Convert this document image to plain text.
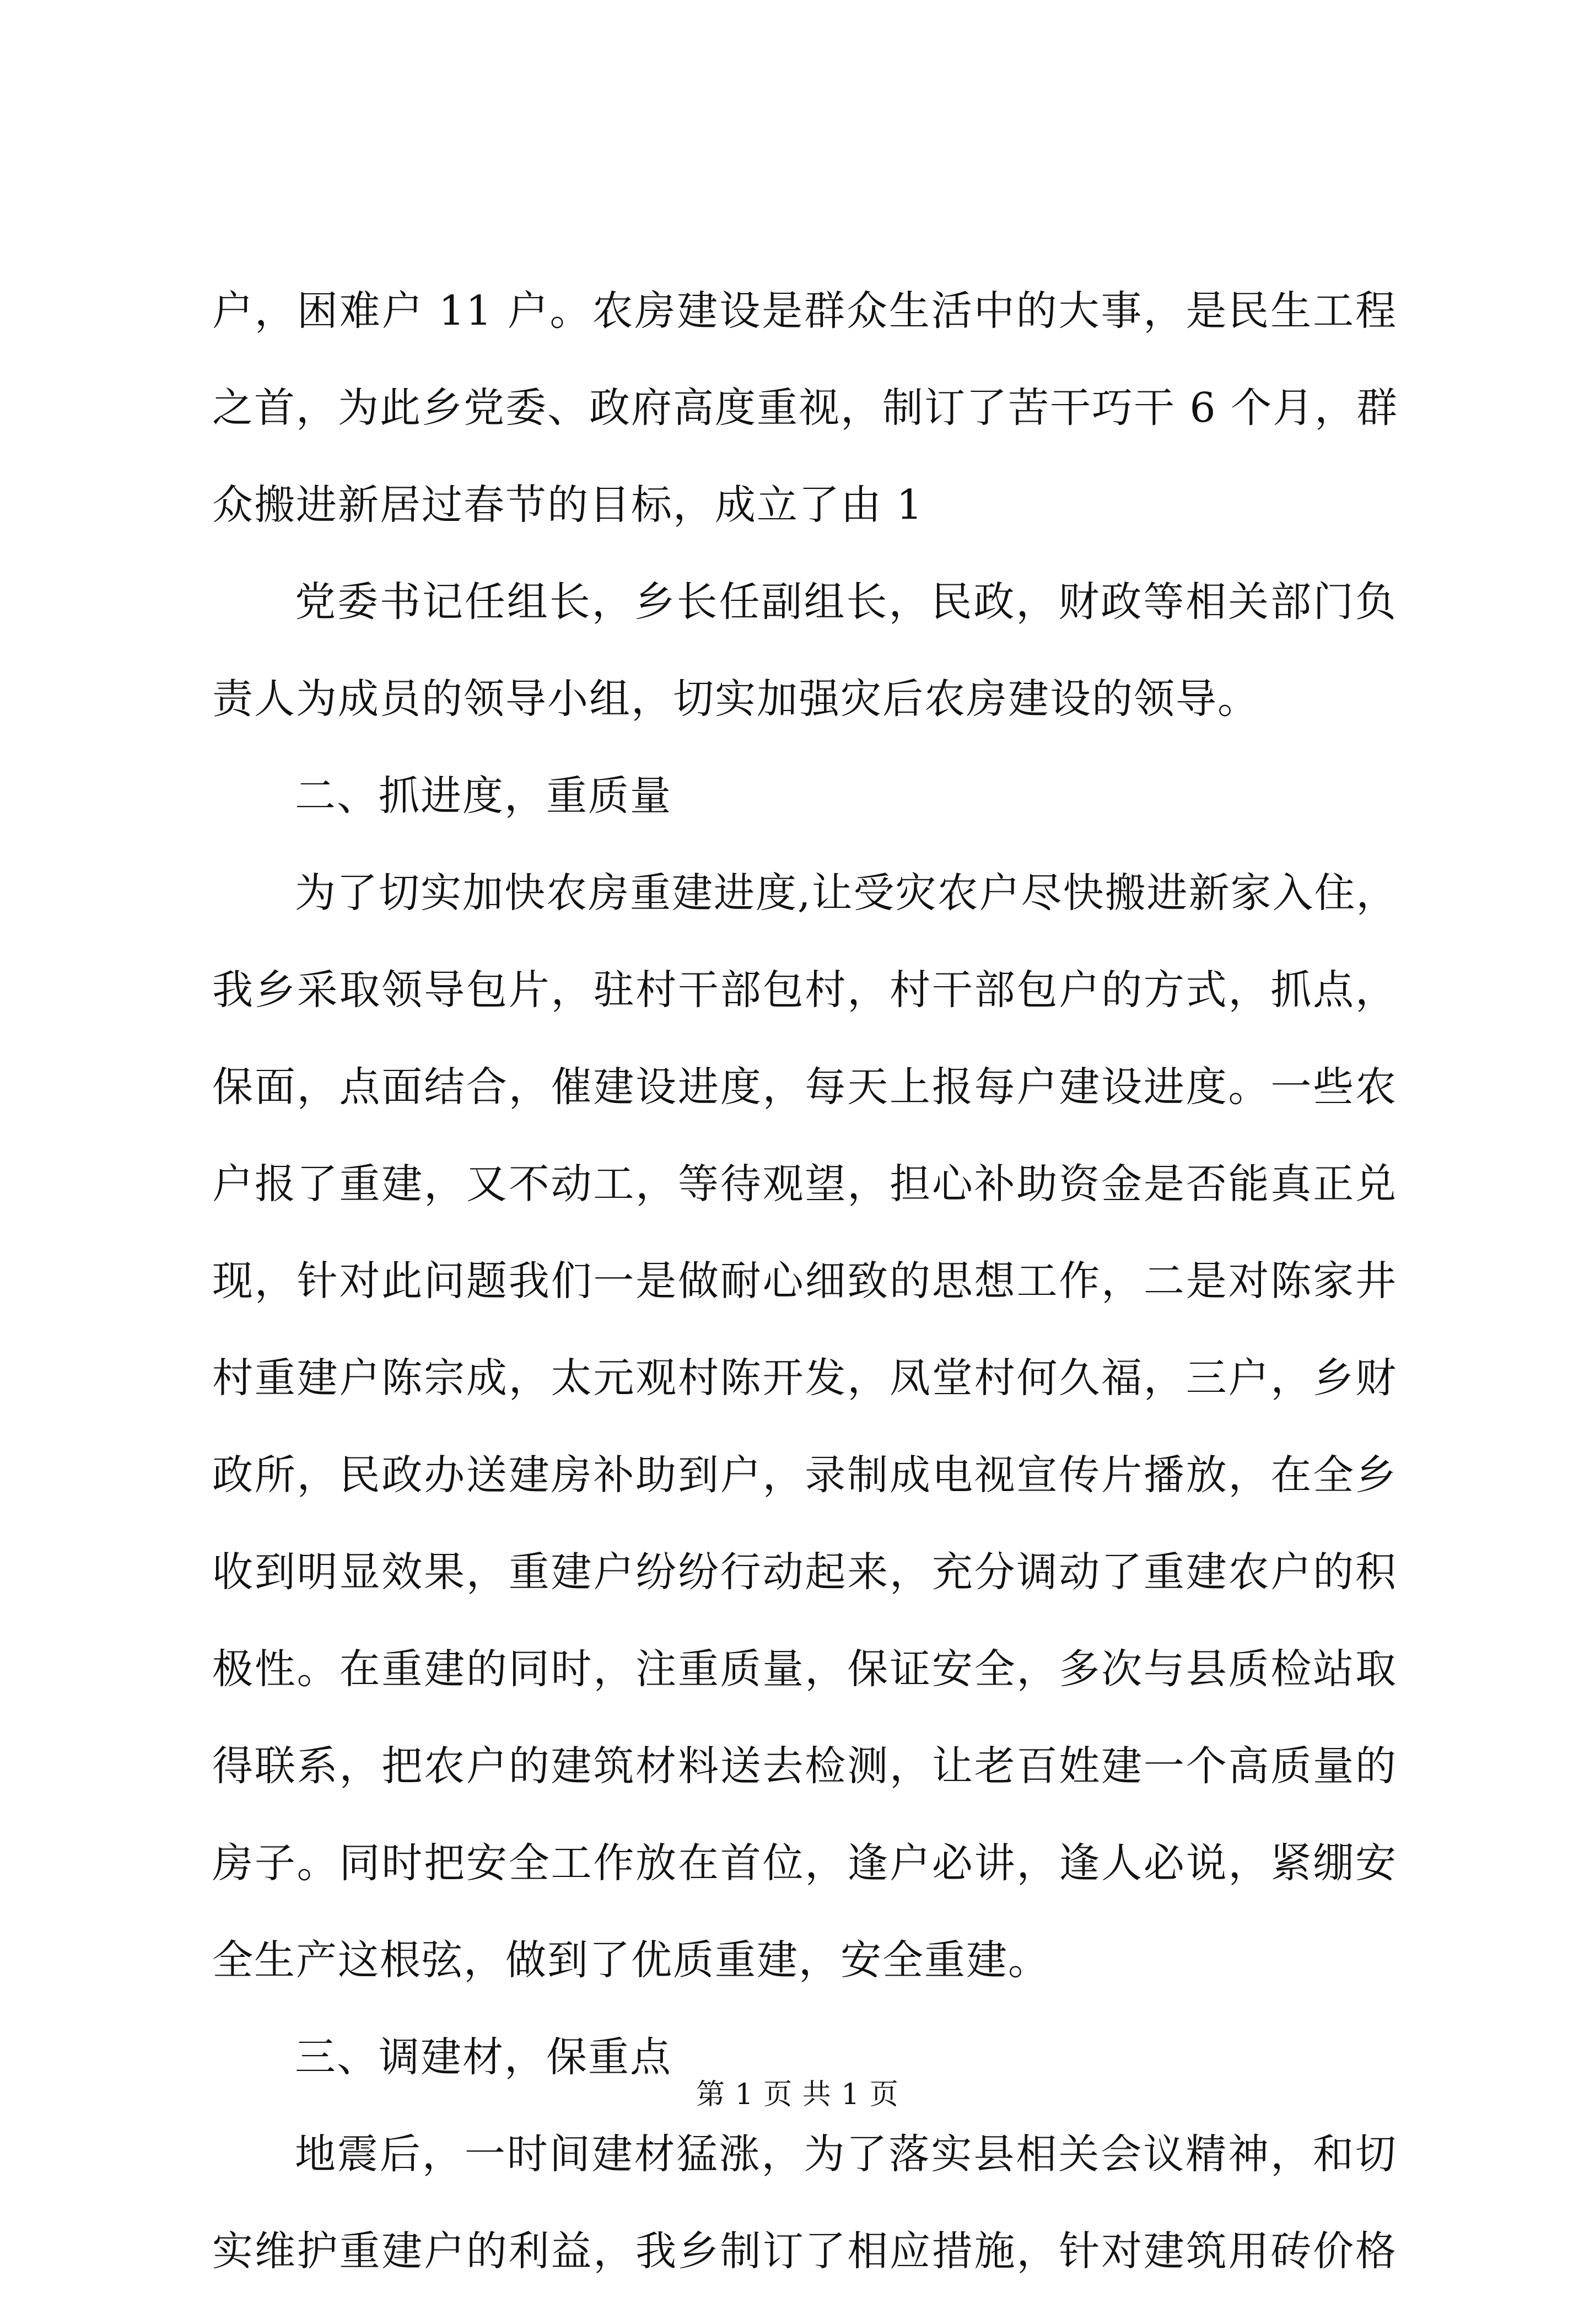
户，困难户 11 户。农房建设是群众生活中的大事，是民生工程
之首，为此乡党委、政府高度重视，制订了苦干巧干 6 个月，群
众搬进新居过春节的目标，成立了由 1
党委书记任组长，乡长任副组长，民政，财政等相关部门负
责人为成员的领导小组，切实加强灾后农房建设的领导。
二、抓进度，重质量
为了切实加快农房重建进度,让受灾农户尽快搬进新家入住，
我乡采取领导包片，驻村干部包村，村干部包户的方式，抓点，
保面，点面结合，催建设进度，每天上报每户建设进度。一些农
户报了重建，又不动工，等待观望，担心补助资金是否能真正兑
现，针对此问题我们一是做耐心细致的思想工作，二是对陈家井
村重建户陈宗成，太元观村陈开发，凤堂村何久福，三户，乡财
政所，民政办送建房补助到户，录制成电视宣传片播放，在全乡
收到明显效果，重建户纷纷行动起来，充分调动了重建农户的积
极性。在重建的同时，注重质量，保证安全，多次与县质检站取
得联系，把农户的建筑材料送去检测，让老百姓建一个高质量的
房子。同时把安全工作放在首位，逢户必讲，逢人必说，紧绷安
全生产这根弦，做到了优质重建，安全重建。
三、调建材，保重点
地震后，一时间建材猛涨，为了落实县相关会议精神，和切
实维护重建户的利益，我乡制订了相应措施，针对建筑用砖价格
第 1 页 共 1 页
